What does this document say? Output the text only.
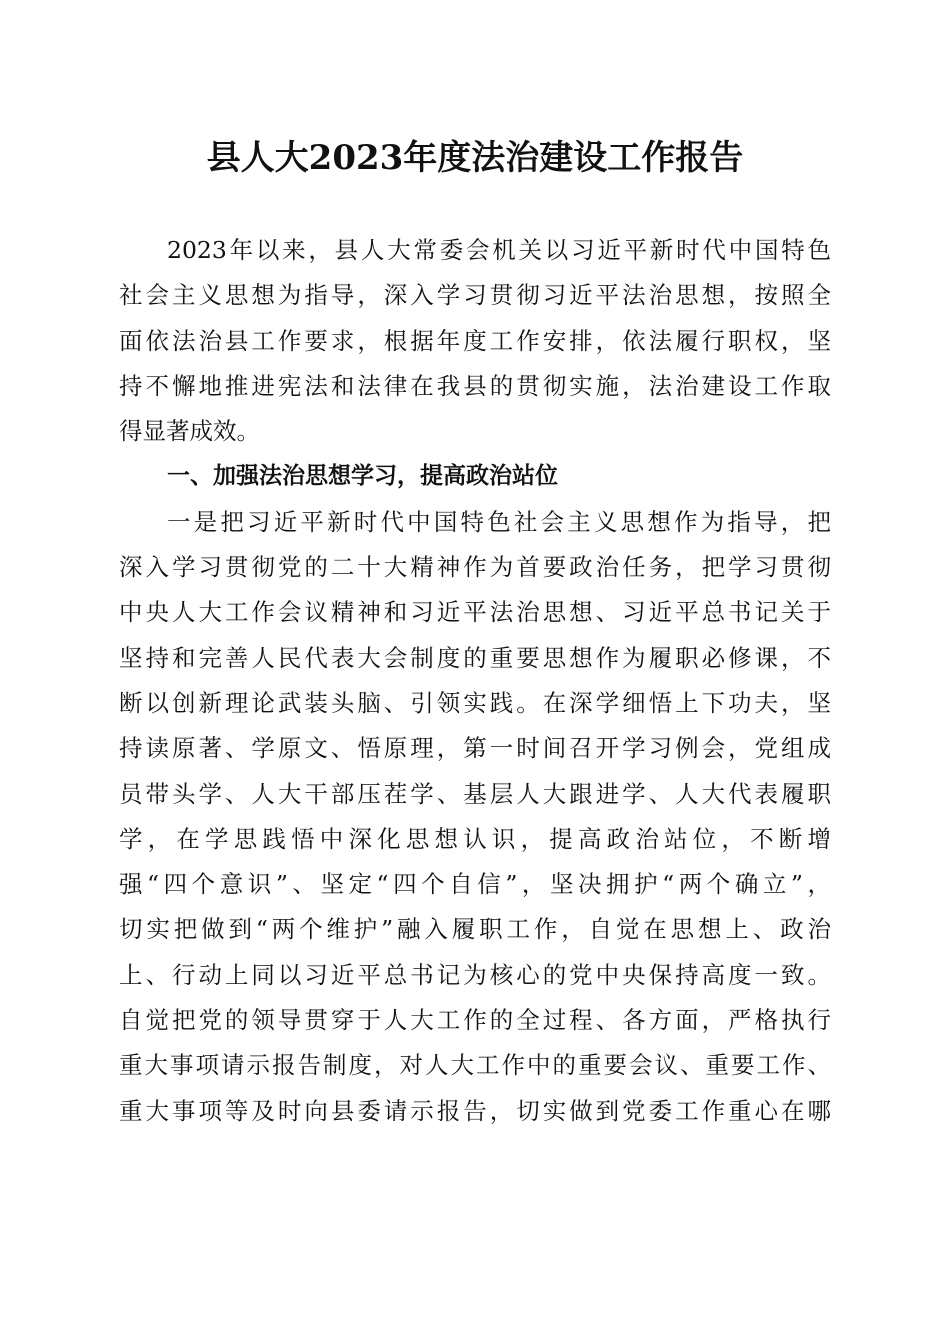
县人大2023年度法治建设工作报告
2023年以来，县人大常委会机关以习近平新时代中国特色
社会主义思想为指导，深入学习贯彻习近平法治思想，按照全
面依法治县工作要求，根据年度工作安排，依法履行职权，坚
持不懈地推进宪法和法律在我县的贯彻实施，法治建设工作取
得显著成效。
一、加强法治思想学习，提高政治站位
一是把习近平新时代中国特色社会主义思想作为指导，把
深入学习贯彻党的二十大精神作为首要政治任务，把学习贯彻
中央人大工作会议精神和习近平法治思想、习近平总书记关于
坚持和完善人民代表大会制度的重要思想作为履职必修课，不
断以创新理论武装头脑、引领实践。在深学细悟上下功夫，坚
持读原著、学原文、悟原理，第一时间召开学习例会，党组成
员带头学、人大干部压茬学、基层人大跟进学、人大代表履职
学，在学思践悟中深化思想认识，提高政治站位，不断增
强“四个意识”、坚定“四个自信”，坚决拥护“两个确立”，
切实把做到“两个维护”融入履职工作，自觉在思想上、政治
上、行动上同以习近平总书记为核心的党中央保持高度一致。
自觉把党的领导贯穿于人大工作的全过程、各方面，严格执行
重大事项请示报告制度，对人大工作中的重要会议、重要工作、
重大事项等及时向县委请示报告，切实做到党委工作重心在哪
